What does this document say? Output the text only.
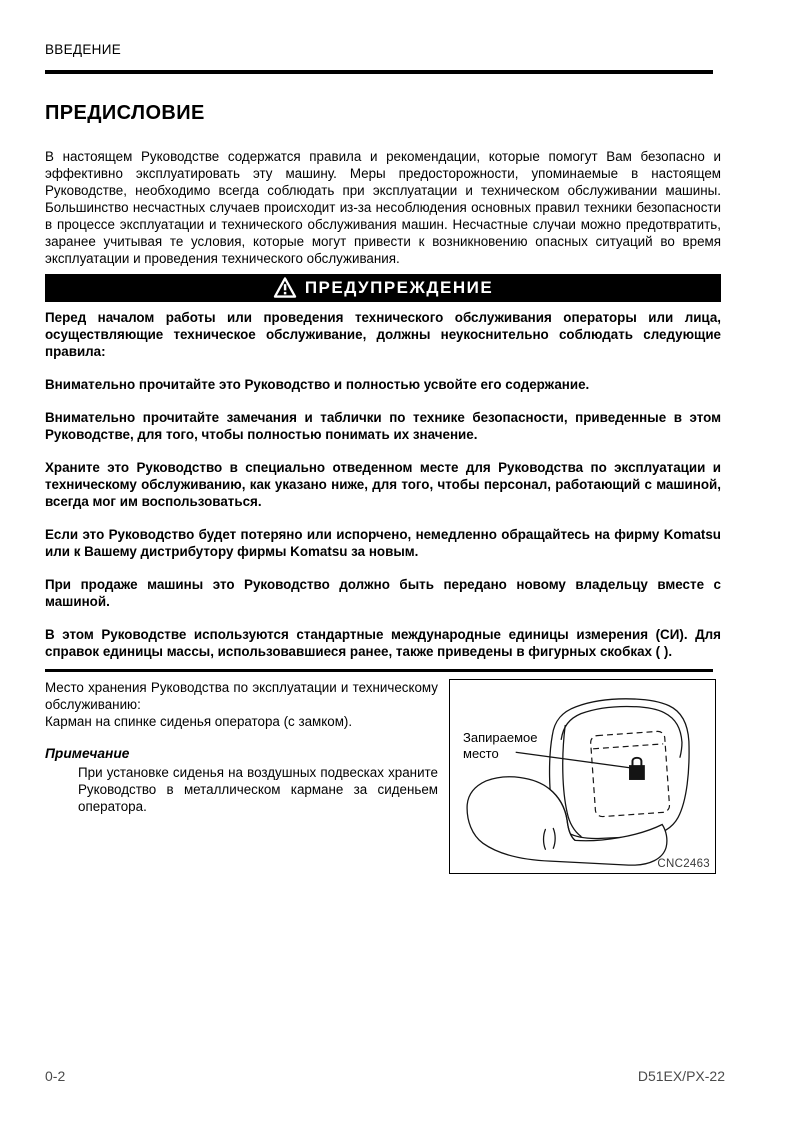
ВВЕДЕНИЕ
ПРЕДИСЛОВИЕ

В настоящем Руководстве содержатся правила и рекомендации, которые помогут Вам безопасно и эффективно эксплуатировать эту машину. Меры предосторожности, упоминаемые в настоящем Руководстве, необходимо всегда соблюдать при эксплуатации и техническом обслуживании машины. Большинство несчастных случаев происходит из-за несоблюдения основных правил техники безопасности в процессе эксплуатации и технического обслуживания машин. Несчастные случаи можно предотвратить, заранее учитывая те условия, которые могут привести к возникновению опасных ситуаций во время эксплуатации и проведения технического обслуживания.

ПРЕДУПРЕЖДЕНИЕ

Перед началом работы или проведения технического обслуживания операторы или лица, осуществляющие техническое обслуживание, должны неукоснительно соблюдать следующие правила:

Внимательно прочитайте это Руководство и полностью усвойте его содержание.

Внимательно прочитайте замечания и таблички по технике безопасности, приведенные в этом Руководстве, для того, чтобы полностью понимать их значение.

Храните это Руководство в специально отведенном месте для Руководства по эксплуатации и техническому обслуживанию, как указано ниже, для того, чтобы персонал, работающий с машиной, всегда мог им воспользоваться.

Если это Руководство будет потеряно или испорчено, немедленно обращайтесь на фирму Komatsu или к Вашему дистрибутору фирмы Komatsu за новым.

При продаже машины это Руководство должно быть передано новому владельцу вместе с машиной.

В этом Руководстве используются стандартные международные единицы измерения (СИ). Для справок единицы массы, использовавшиеся ранее, также приведены в фигурных скобках ( ).

Место хранения Руководства по эксплуатации и техническому обслуживанию:
Карман на спинке сиденья оператора (с замком).
Примечание
При установке сиденья на воздушных подвесках храните Руководство в металлическом кармане за сиденьем оператора.
Запираемое место
CNC2463
0-2	D51EX/PX-22
